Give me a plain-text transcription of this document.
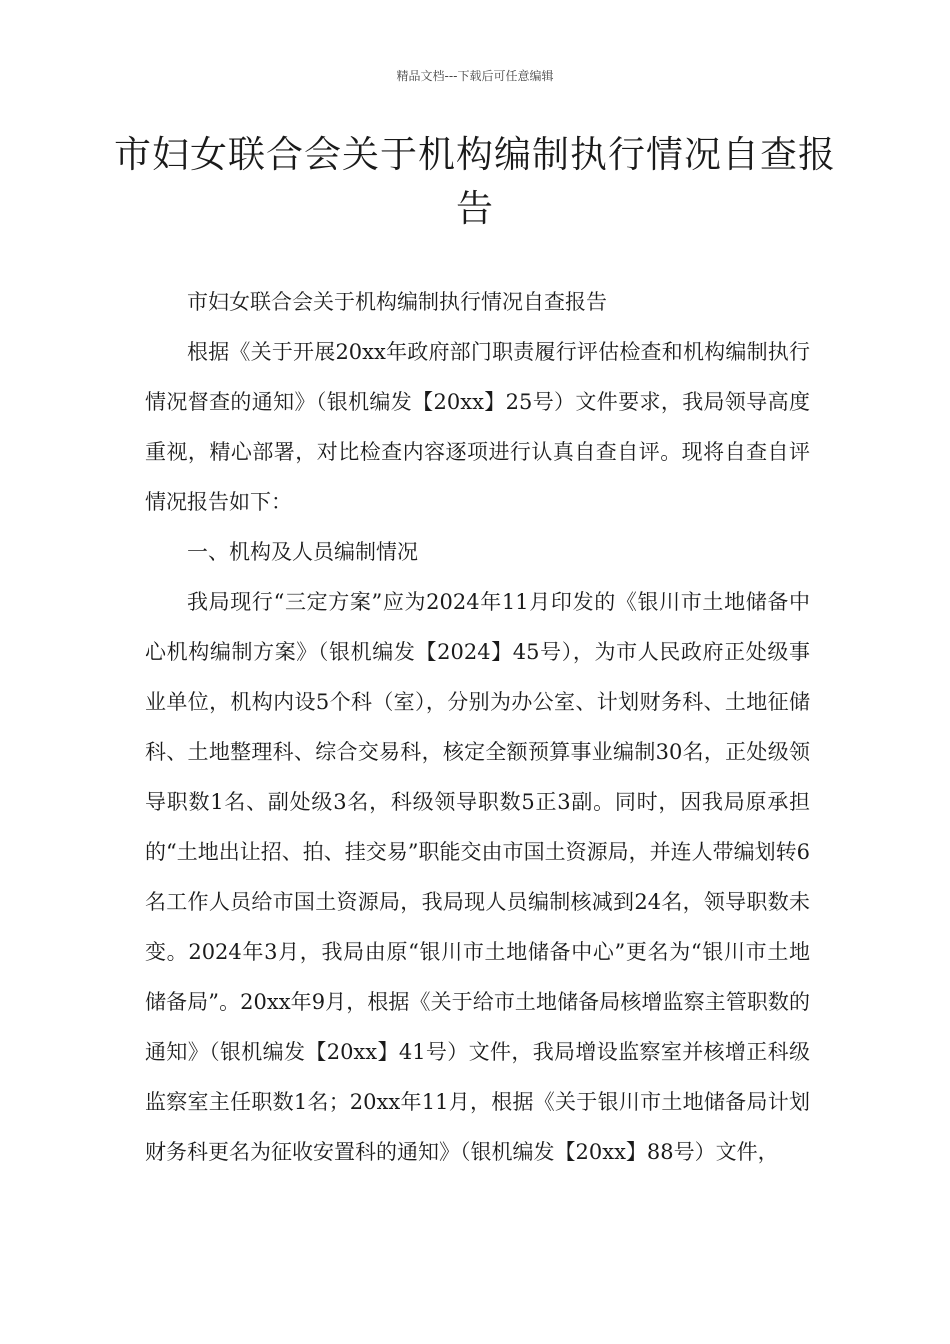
精品文档---下载后可任意编辑
市妇女联合会关于机构编制执行情况自查报告

市妇女联合会关于机构编制执行情况自查报告

根据《关于开展20xx年政府部门职责履行评估检查和机构编制执行情况督查的通知》（银机编发【20xx】25号）文件要求，我局领导高度重视，精心部署，对比检查内容逐项进行认真自查自评。现将自查自评情况报告如下：

一、机构及人员编制情况

我局现行“三定方案”应为2024年11月印发的《银川市土地储备中心机构编制方案》（银机编发【2024】45号），为市人民政府正处级事业单位，机构内设5个科（室），分别为办公室、计划财务科、土地征储科、土地整理科、综合交易科，核定全额预算事业编制30名，正处级领导职数1名、副处级3名，科级领导职数5正3副。同时，因我局原承担的“土地出让招、拍、挂交易”职能交由市国土资源局，并连人带编划转6名工作人员给市国土资源局，我局现人员编制核减到24名，领导职数未变。2024年3月，我局由原“银川市土地储备中心”更名为“银川市土地储备局”。20xx年9月，根据《关于给市土地储备局核增监察主管职数的通知》（银机编发【20xx】41号）文件，我局增设监察室并核增正科级监察室主任职数1名；20xx年11月，根据《关于银川市土地储备局计划财务科更名为征收安置科的通知》（银机编发【20xx】88号）文件，
